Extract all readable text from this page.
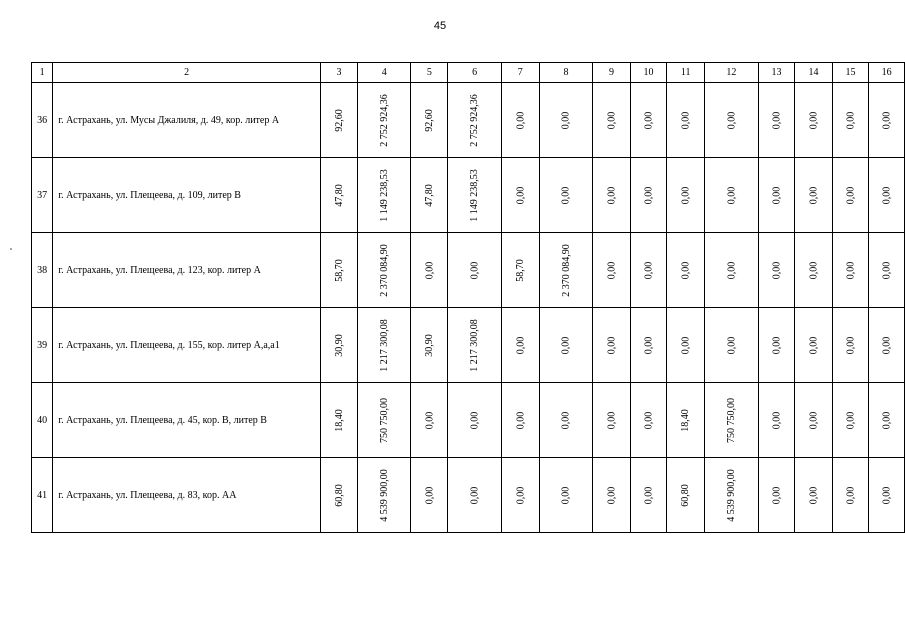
45
1	2	3	4	5	6	7	8	9	10	11	12	13	14	15	16
36	г. Астрахань, ул. Мусы Джалиля, д. 49, кор. литер А	92,60	2 752 924,36	92,60	2 752 924,36	0,00	0,00	0,00	0,00	0,00	0,00	0,00	0,00	0,00	0,00
37	г. Астрахань, ул. Плещеева, д. 109, литер В	47,80	1 149 238,53	47,80	1 149 238,53	0,00	0,00	0,00	0,00	0,00	0,00	0,00	0,00	0,00	0,00
38	г. Астрахань, ул. Плещеева, д. 123, кор. литер А	58,70	2 370 084,90	0,00	0,00	58,70	2 370 084,90	0,00	0,00	0,00	0,00	0,00	0,00	0,00	0,00
39	г. Астрахань, ул. Плещеева, д. 155, кор. литер А,а,а1	30,90	1 217 300,08	30,90	1 217 300,08	0,00	0,00	0,00	0,00	0,00	0,00	0,00	0,00	0,00	0,00
40	г. Астрахань, ул. Плещеева, д. 45, кор. В, литер В	18,40	750 750,00	0,00	0,00	0,00	0,00	0,00	0,00	18,40	750 750,00	0,00	0,00	0,00	0,00
41	г. Астрахань, ул. Плещеева, д. 83, кор. АА	60,80	4 539 900,00	0,00	0,00	0,00	0,00	0,00	0,00	60,80	4 539 900,00	0,00	0,00	0,00	0,00
